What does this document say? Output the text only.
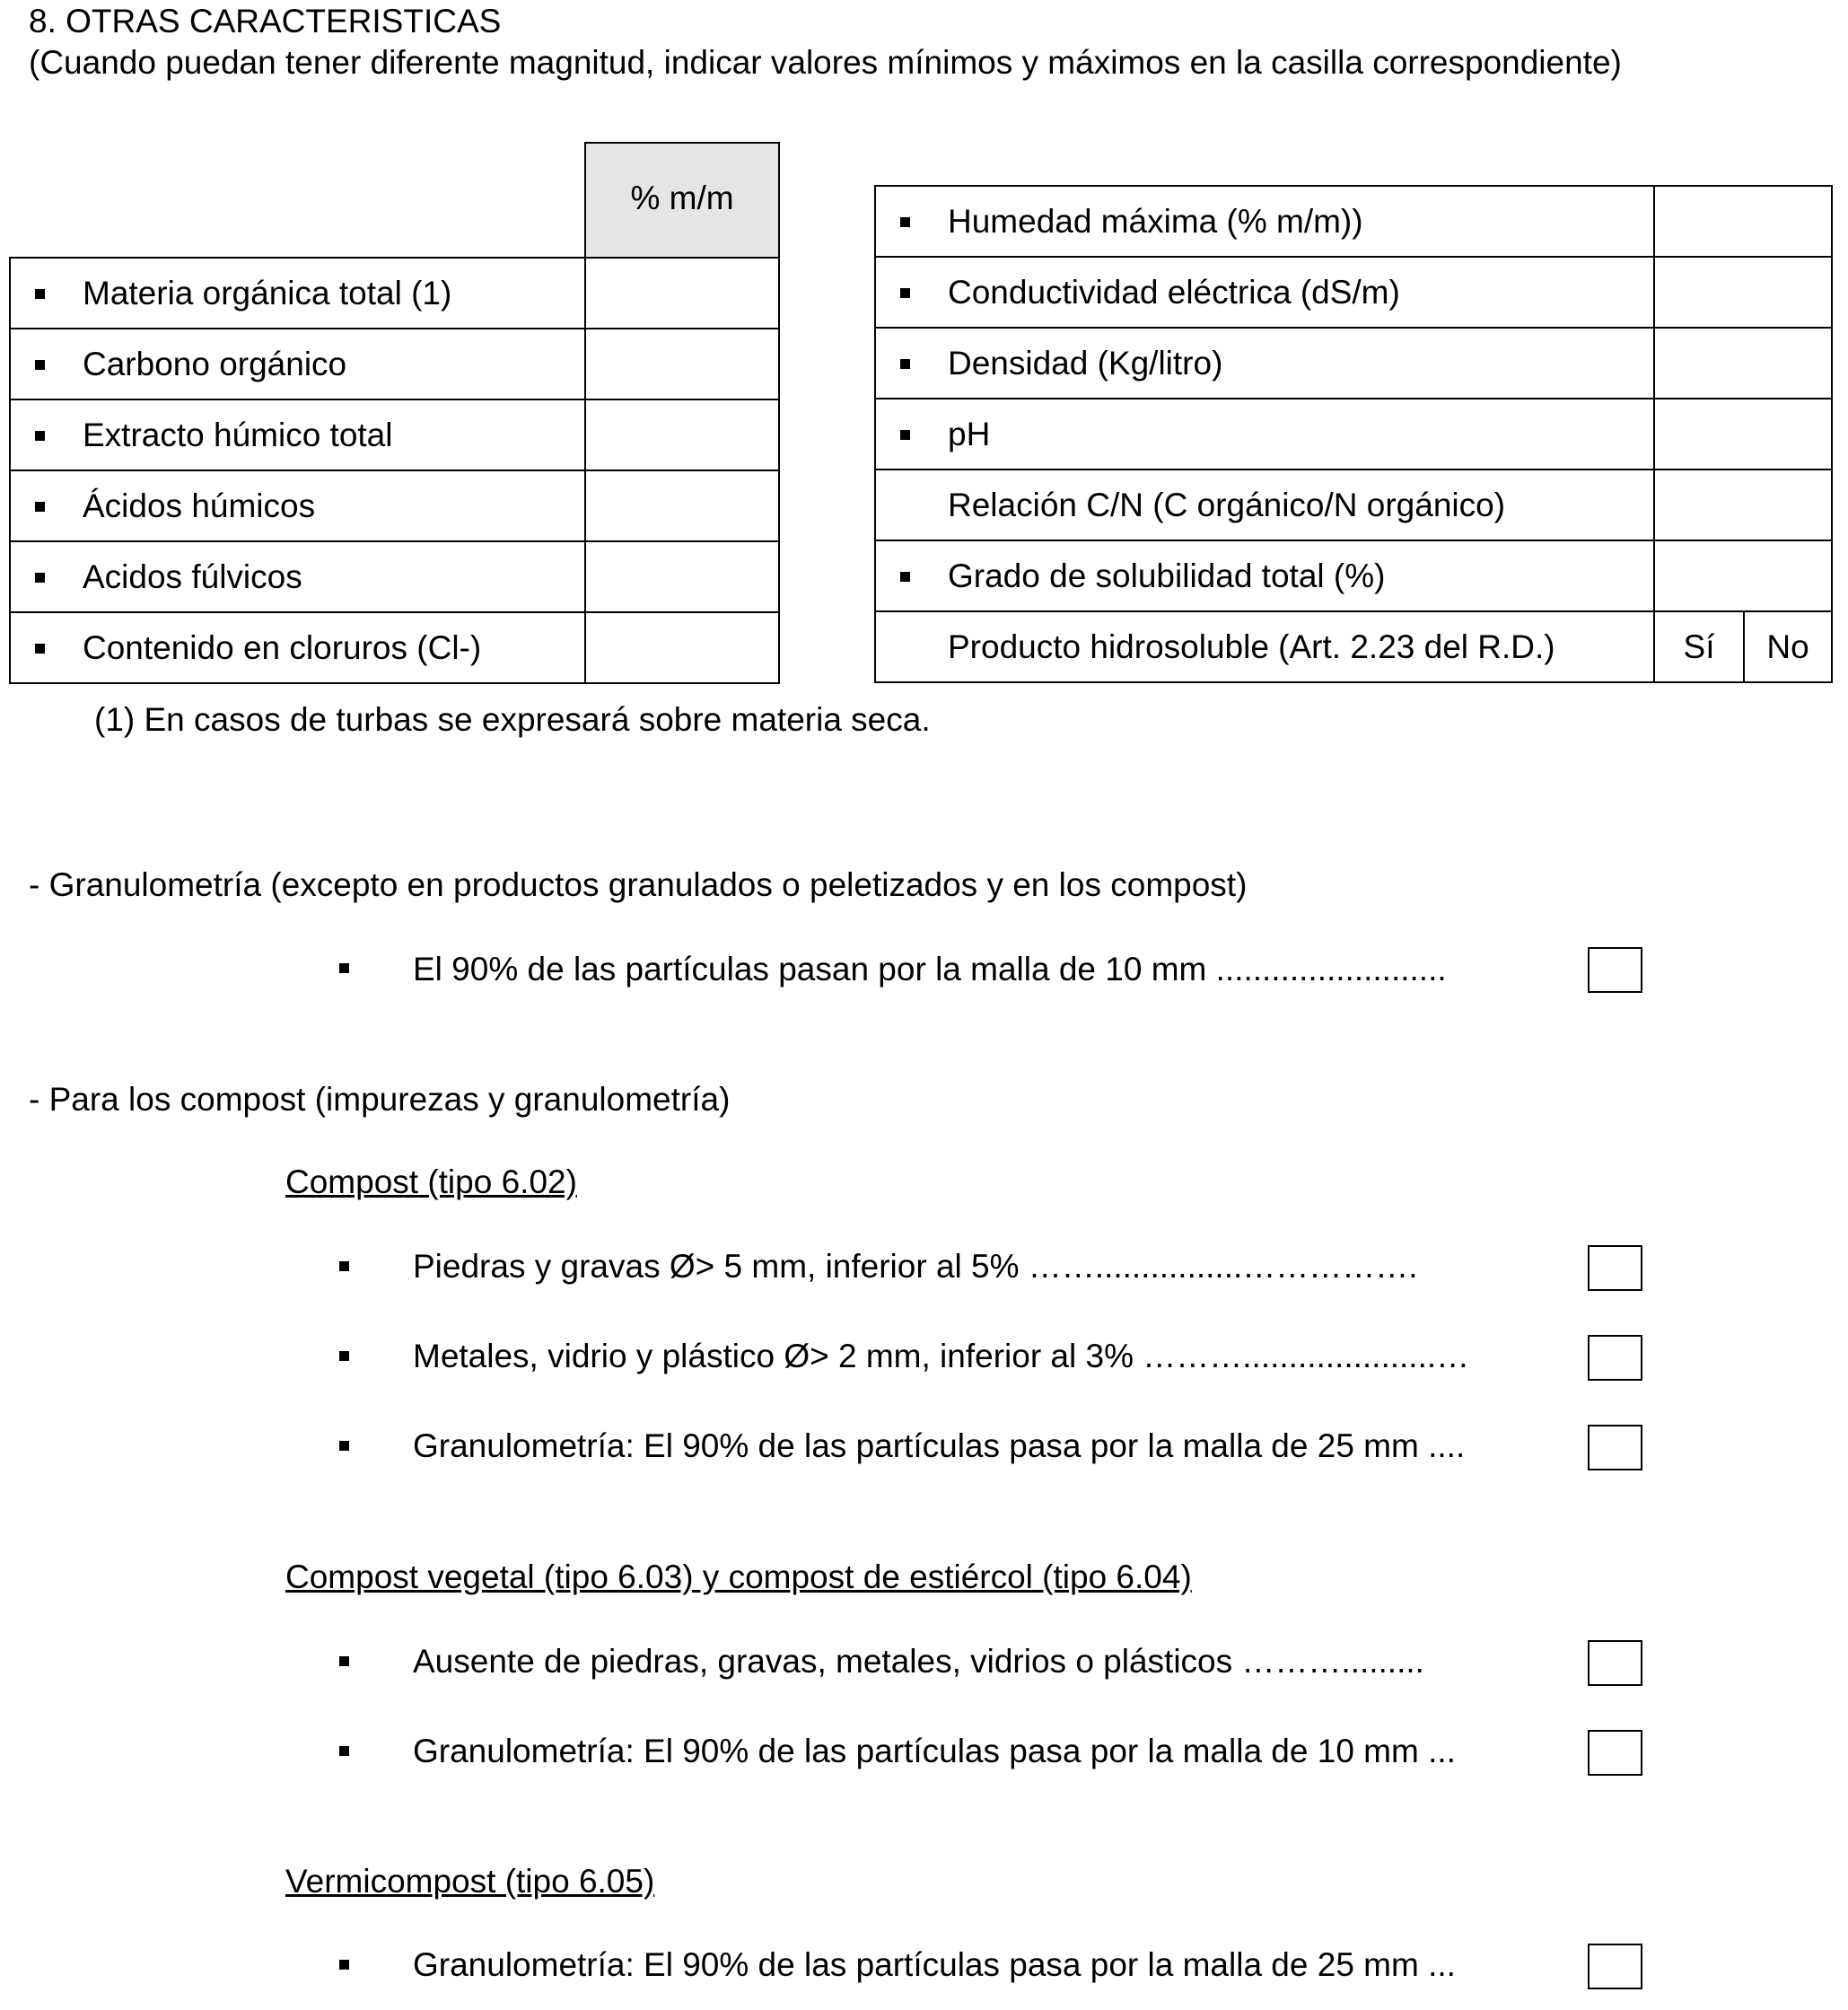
8. OTRAS CARACTERISTICAS
(Cuando puedan tener diferente magnitud, indicar valores mínimos y máximos en la casilla correspondiente)

	% m/m

Materia orgánica total (1)	

Carbono orgánico	

Extracto húmico total	

Ácidos húmicos	

Acidos fúlvicos	

Contenido en cloruros (Cl-)	

Humedad máxima (% m/m))		

Conductividad eléctrica (dS/m)		

Densidad (Kg/litro)		

pH		

Relación C/N (C orgánico/N orgánico)		

Grado de solubilidad total (%)		

Producto hidrosoluble (Art. 2.23 del R.D.)	Sí	No
(1) En casos de turbas se expresará sobre materia seca.
- Granulometría (excepto en productos granulados o peletizados y en los compost)
El 90% de las partículas pasan por la malla de 10 mm .........................
- Para los compost (impurezas y granulometría)
Compost (tipo 6.02)
Piedras y gravas Ø> 5 mm, inferior al 5% ……................…………….
Metales, vidrio y plástico Ø> 2 mm, inferior al 3% ……….....................…
Granulometría: El 90% de las partículas pasa por la malla de 25 mm ....
Compost vegetal (tipo 6.03) y compost de estiércol (tipo 6.04)
Ausente de piedras, gravas, metales, vidrios o plásticos ……….........
Granulometría: El 90% de las partículas pasa por la malla de 10 mm ...
Vermicompost (tipo 6.05)
Granulometría: El 90% de las partículas pasa por la malla de 25 mm ...
